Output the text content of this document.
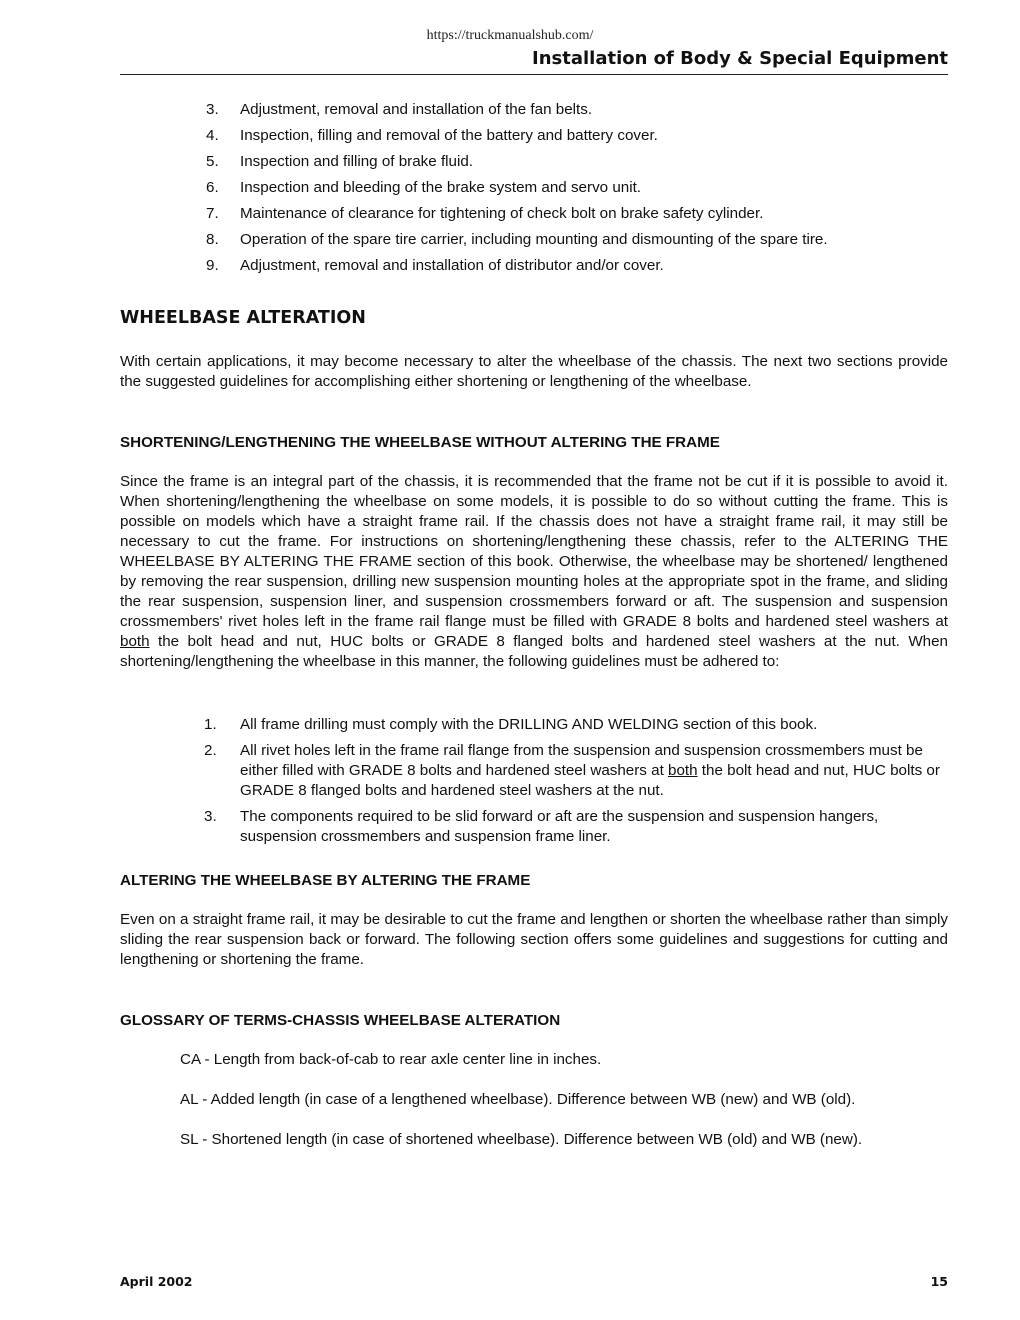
https://truckmanualshub.com/
Installation of Body & Special Equipment
3.	Adjustment, removal and installation of the fan belts.
4.	Inspection, filling and removal of the battery and battery cover.
5.	Inspection and filling of brake fluid.
6.	Inspection and bleeding of the brake system and servo unit.
7.	Maintenance of clearance for tightening of check bolt on brake safety cylinder.
8.	Operation of the spare tire carrier, including mounting and dismounting of the spare tire.
9.	Adjustment, removal and installation of distributor and/or cover.
WHEELBASE ALTERATION

With certain applications, it may become necessary to alter the wheelbase of the chassis. The next two sections provide the suggested guidelines for accomplishing either shortening or lengthening of the wheelbase.

SHORTENING/LENGTHENING THE WHEELBASE WITHOUT ALTERING THE FRAME

Since the frame is an integral part of the chassis, it is recommended that the frame not be cut if it is possible to avoid it. When shortening/lengthening the wheelbase on some models, it is possible to do so without cutting the frame. This is possible on models which have a straight frame rail. If the chassis does not have a straight frame rail, it may still be necessary to cut the frame. For instructions on shortening/lengthening these chassis, refer to the ALTERING THE WHEELBASE BY ALTERING THE FRAME section of this book. Otherwise, the wheelbase may be shortened/ lengthened by removing the rear suspension, drilling new suspension mounting holes at the appropriate spot in the frame, and sliding the rear suspension, suspension liner, and suspension crossmembers forward or aft. The suspension and suspension crossmembers' rivet holes left in the frame rail flange must be filled with GRADE 8 bolts and hardened steel washers at both the bolt head and nut, HUC bolts or GRADE 8 flanged bolts and hardened steel washers at the nut. When shortening/lengthening the wheelbase in this manner, the following guidelines must be adhered to:

1.	All frame drilling must comply with the DRILLING AND WELDING section of this book.
2.	All rivet holes left in the frame rail flange from the suspension and suspension crossmembers must be either filled with GRADE 8 bolts and hardened steel washers at both the bolt head and nut, HUC bolts or GRADE 8 flanged bolts and hardened steel washers at the nut.
3.	The components required to be slid forward or aft are the suspension and suspension hangers, suspension crossmembers and suspension frame liner.
ALTERING THE WHEELBASE BY ALTERING THE FRAME

Even on a straight frame rail, it may be desirable to cut the frame and lengthen or shorten the wheelbase rather than simply sliding the rear suspension back or forward. The following section offers some guidelines and suggestions for cutting and lengthening or shortening the frame.

GLOSSARY OF TERMS-CHASSIS WHEELBASE ALTERATION

CA - Length from back-of-cab to rear axle center line in inches.

AL - Added length (in case of a lengthened wheelbase). Difference between WB (new) and WB (old).

SL - Shortened length (in case of shortened wheelbase). Difference between WB (old) and WB (new).

April 2002	15
